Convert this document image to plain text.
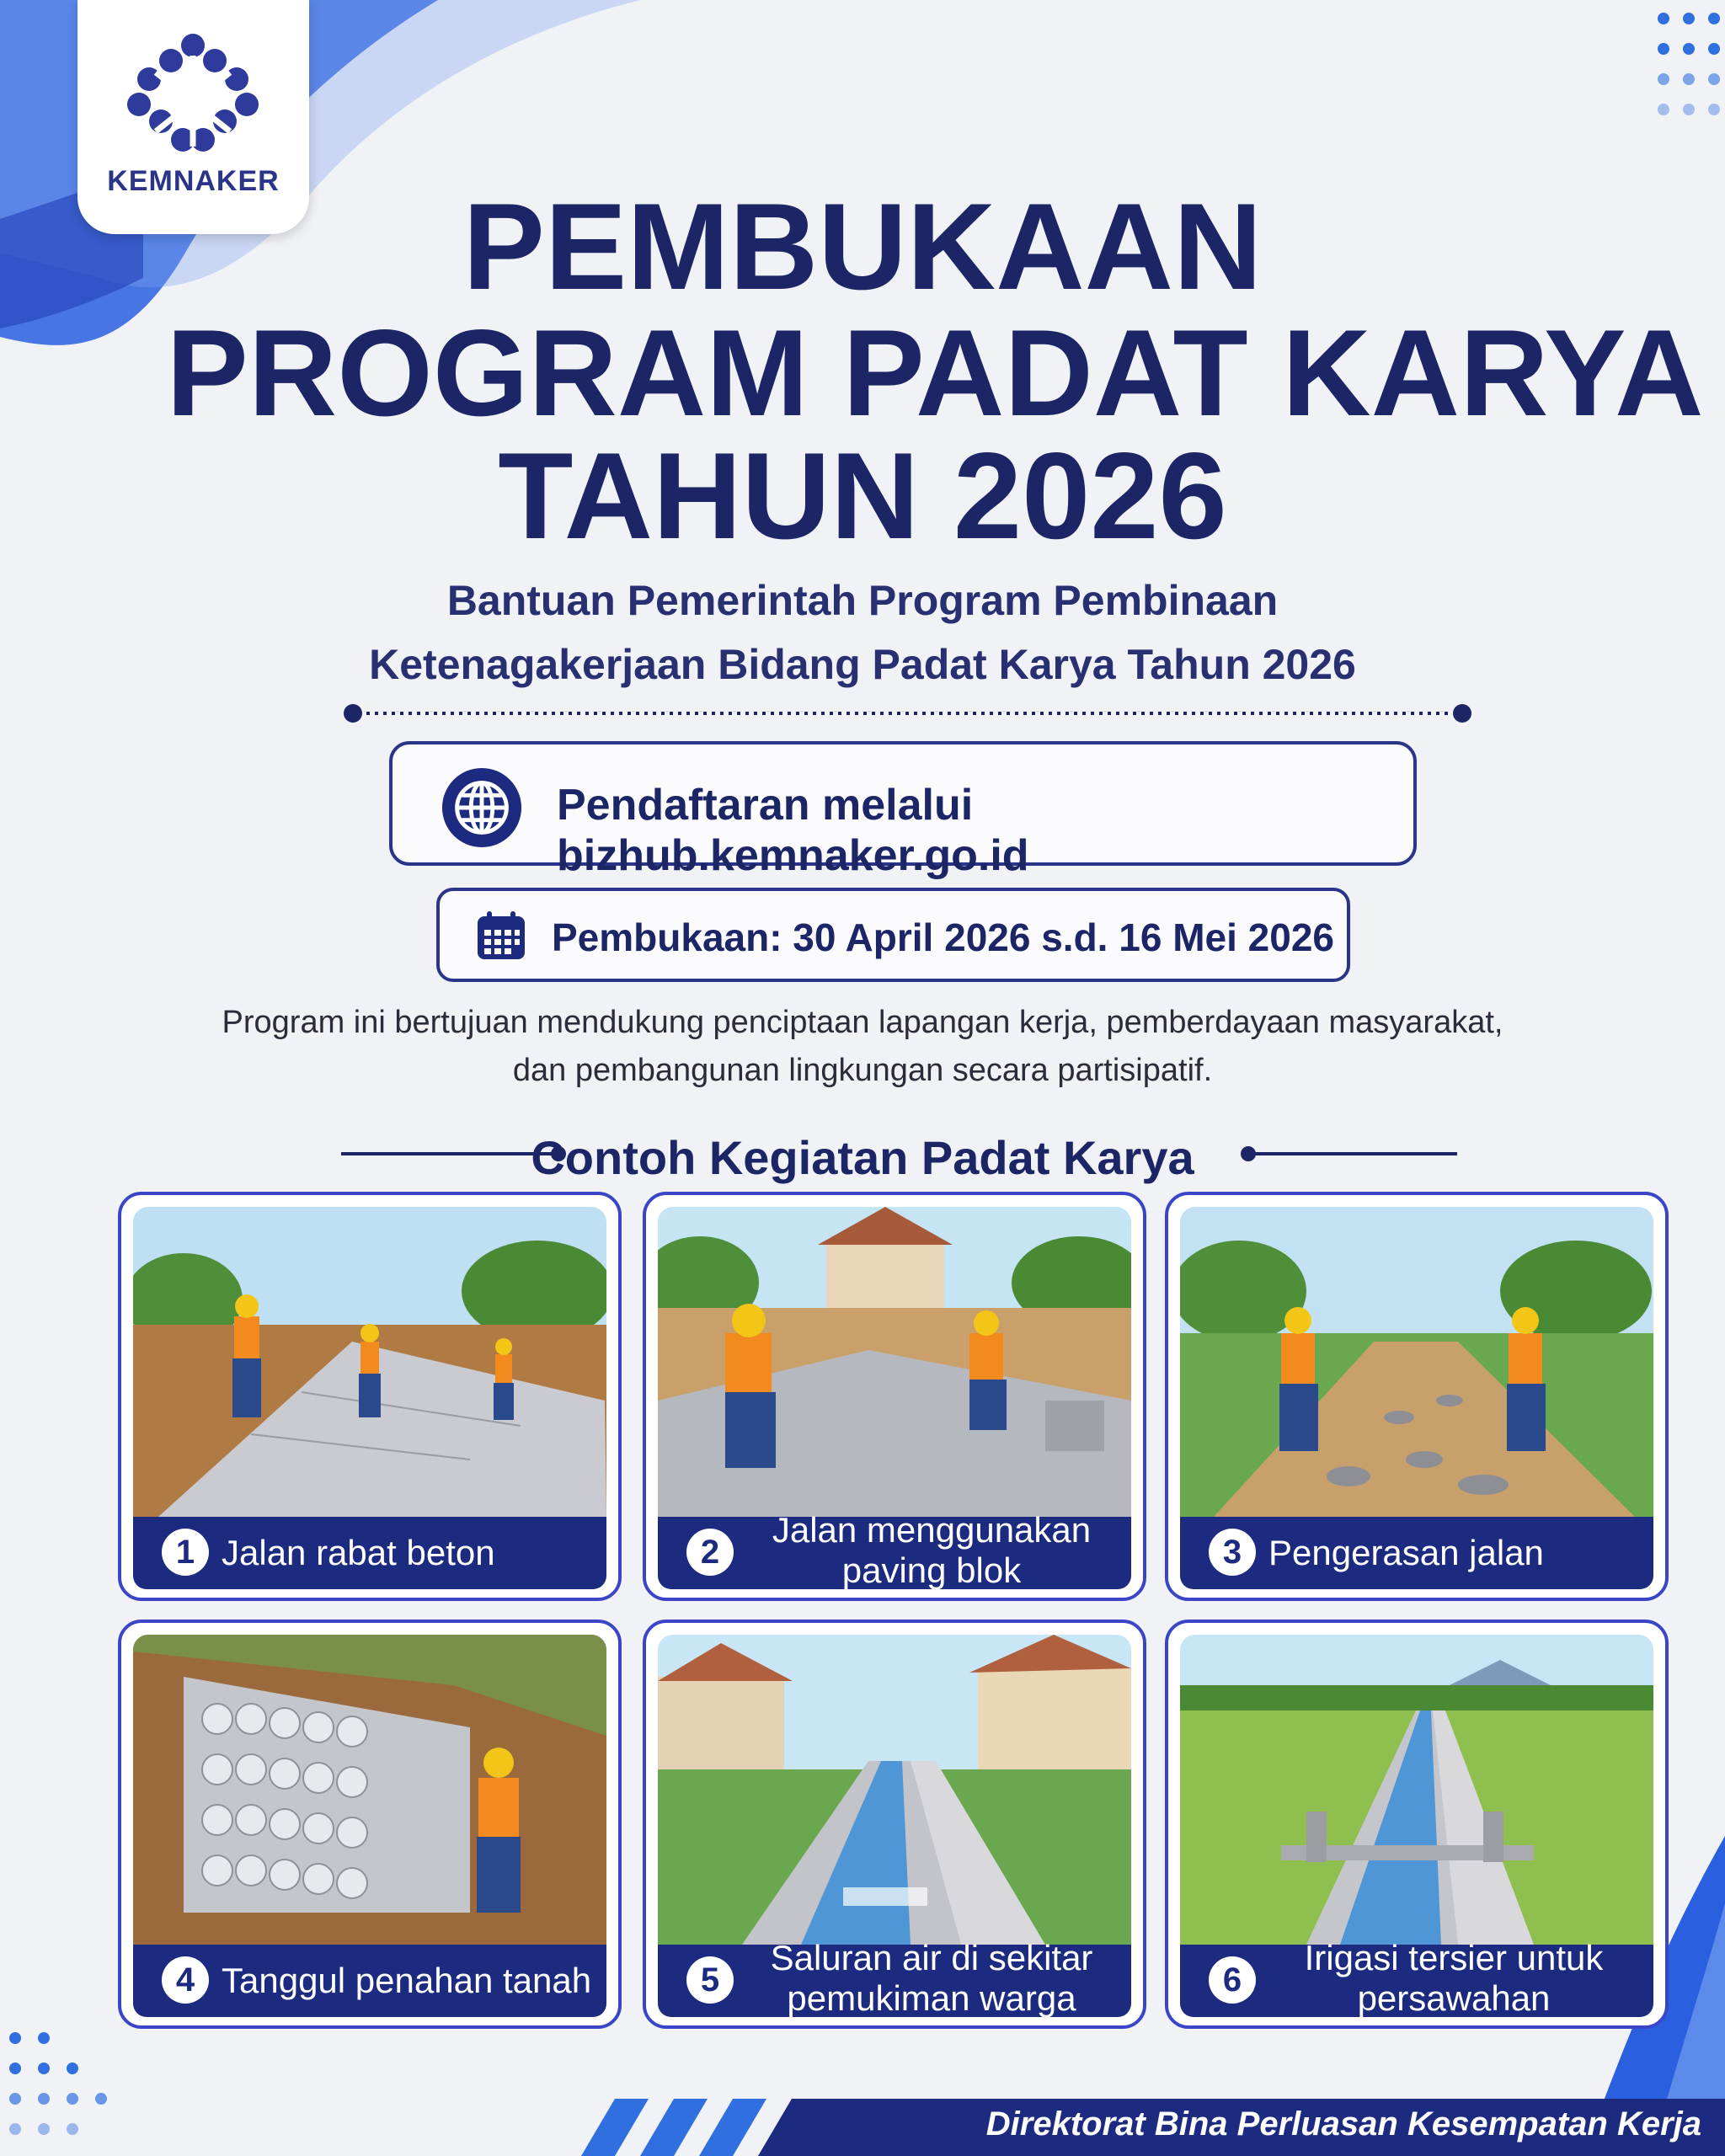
KEMNAKER	PEMBUKAAN
PROGRAM PADAT KARYA
TAHUN 2026
Bantuan Pemerintah Program Pembinaan
Ketenagakerjaan Bidang Padat Karya Tahun 2026
Pendaftaran melalui bizhub.kemnaker.go.id
Pembukaan: 30 April 2026 s.d. 16 Mei 2026
Program ini bertujuan mendukung penciptaan lapangan kerja, pemberdayaan masyarakat,
dan pembangunan lingkungan secara partisipatif.
Contoh Kegiatan Padat Karya
1 Jalan rabat beton	2
Jalan menggunakan
paving blok	3 Pengerasan jalan
4 Tanggul penahan tanah	5
Saluran air di sekitar
pemukiman warga	6
Irigasi tersier untuk
persawahan
Direktorat Bina Perluasan Kesempatan Kerja
